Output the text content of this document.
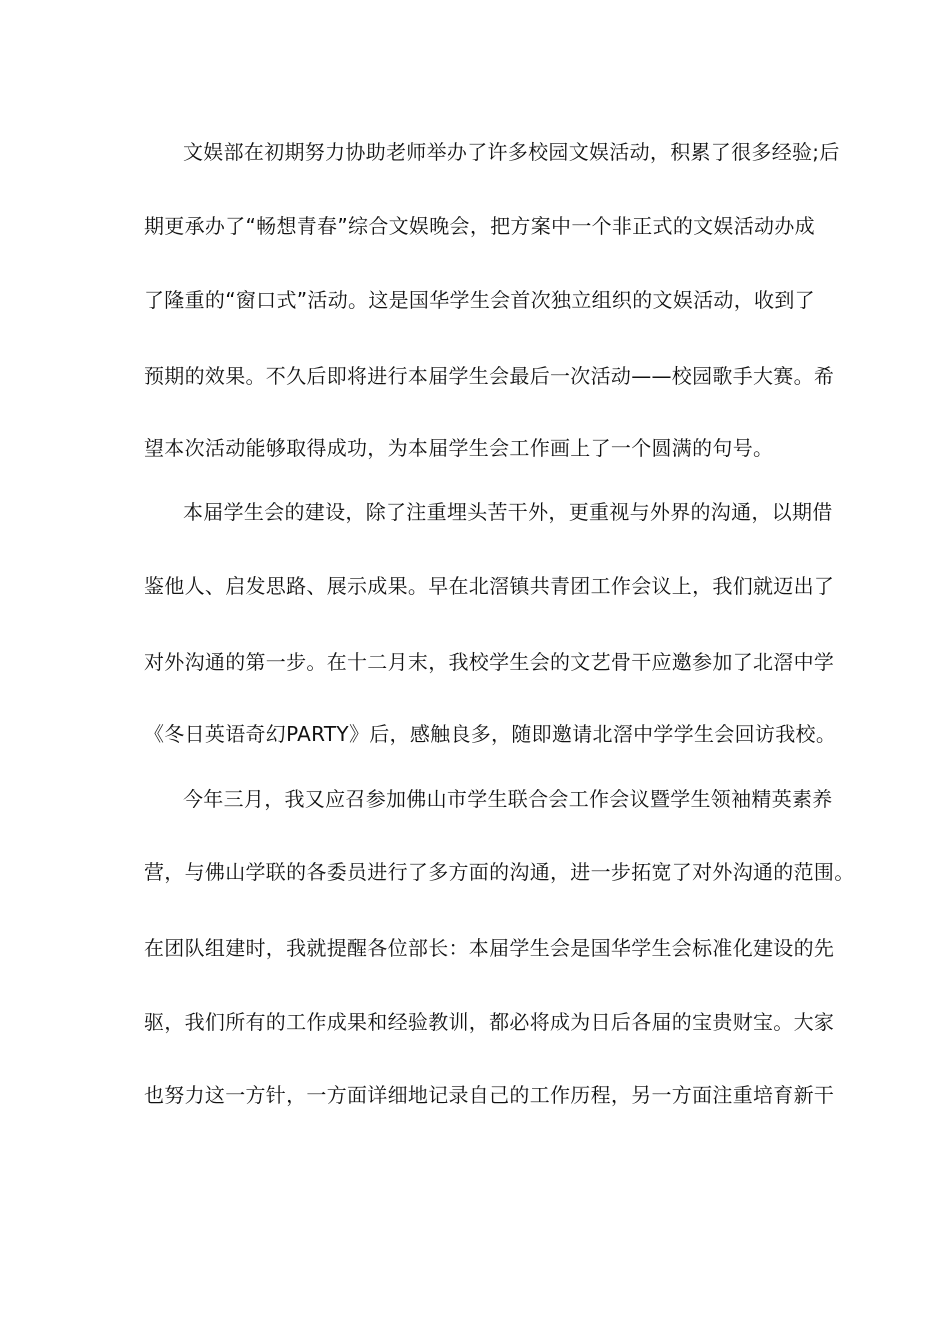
文娱部在初期努力协助老师举办了许多校园文娱活动，积累了很多经验;后
期更承办了“畅想青春”综合文娱晚会，把方案中一个非正式的文娱活动办成
了隆重的“窗口式”活动。这是国华学生会首次独立组织的文娱活动，收到了
预期的效果。不久后即将进行本届学生会最后一次活动——校园歌手大赛。希
望本次活动能够取得成功，为本届学生会工作画上了一个圆满的句号。
本届学生会的建设，除了注重埋头苦干外，更重视与外界的沟通，以期借
鉴他人、启发思路、展示成果。早在北滘镇共青团工作会议上，我们就迈出了
对外沟通的第一步。在十二月末，我校学生会的文艺骨干应邀参加了北滘中学
《冬日英语奇幻PARTY》后，感触良多，随即邀请北滘中学学生会回访我校。
今年三月，我又应召参加佛山市学生联合会工作会议暨学生领袖精英素养
营，与佛山学联的各委员进行了多方面的沟通，进一步拓宽了对外沟通的范围。
在团队组建时，我就提醒各位部长：本届学生会是国华学生会标准化建设的先
驱，我们所有的工作成果和经验教训，都必将成为日后各届的宝贵财宝。大家
也努力这一方针，一方面详细地记录自己的工作历程，另一方面注重培育新干
